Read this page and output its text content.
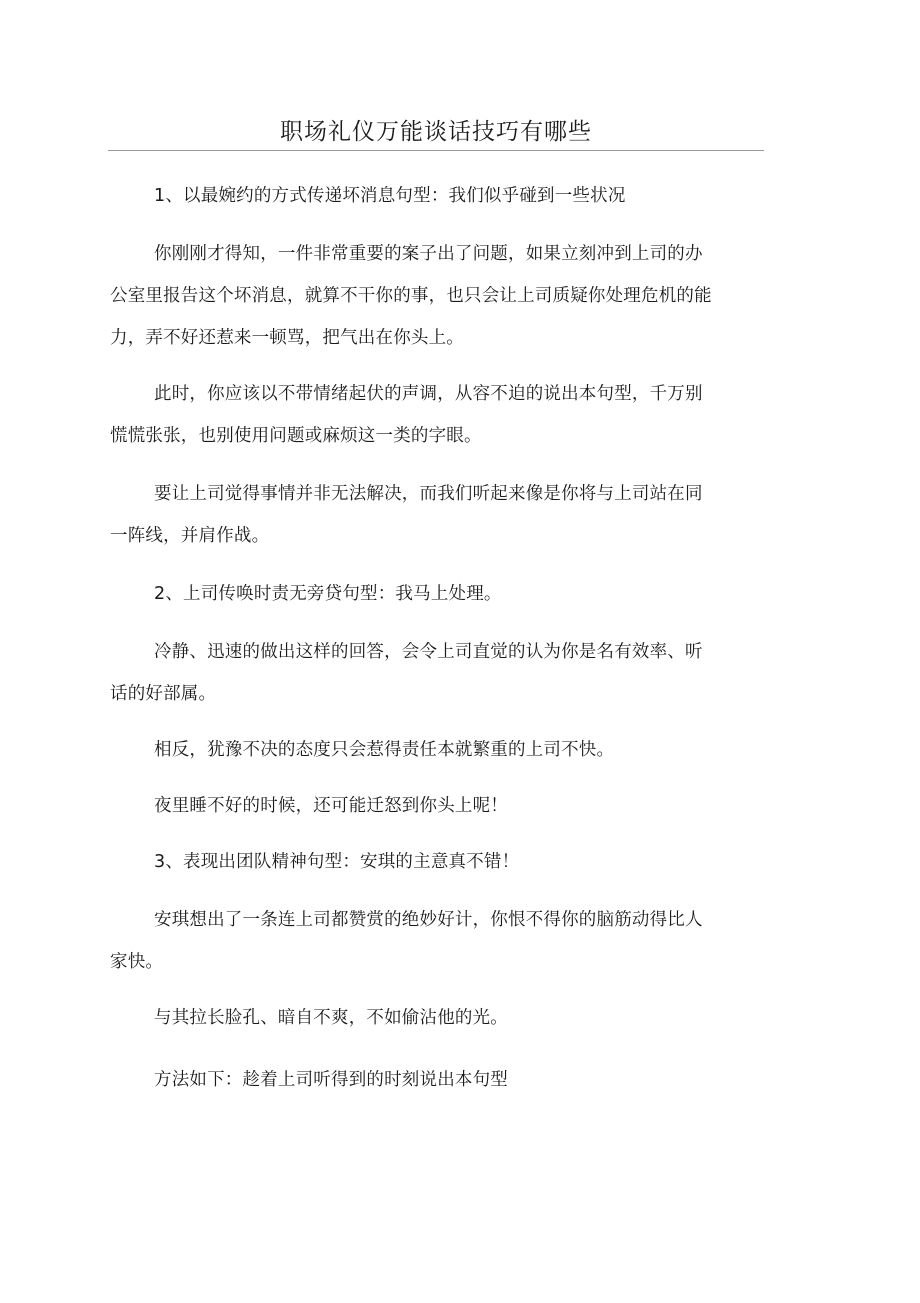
职场礼仪万能谈话技巧有哪些
1、以最婉约的方式传递坏消息句型：我们似乎碰到一些状况
你刚刚才得知，一件非常重要的案子出了问题，如果立刻冲到上司的办
公室里报告这个坏消息，就算不干你的事，也只会让上司质疑你处理危机的能
力，弄不好还惹来一顿骂，把气出在你头上。
此时，你应该以不带情绪起伏的声调，从容不迫的说出本句型，千万别
慌慌张张，也别使用问题或麻烦这一类的字眼。
要让上司觉得事情并非无法解决，而我们听起来像是你将与上司站在同
一阵线，并肩作战。
2、上司传唤时责无旁贷句型：我马上处理。
冷静、迅速的做出这样的回答，会令上司直觉的认为你是名有效率、听
话的好部属。
相反，犹豫不决的态度只会惹得责任本就繁重的上司不快。
夜里睡不好的时候，还可能迁怒到你头上呢！
3、表现出团队精神句型：安琪的主意真不错！
安琪想出了一条连上司都赞赏的绝妙好计，你恨不得你的脑筋动得比人
家快。
与其拉长脸孔、暗自不爽，不如偷沾他的光。
方法如下：趁着上司听得到的时刻说出本句型
